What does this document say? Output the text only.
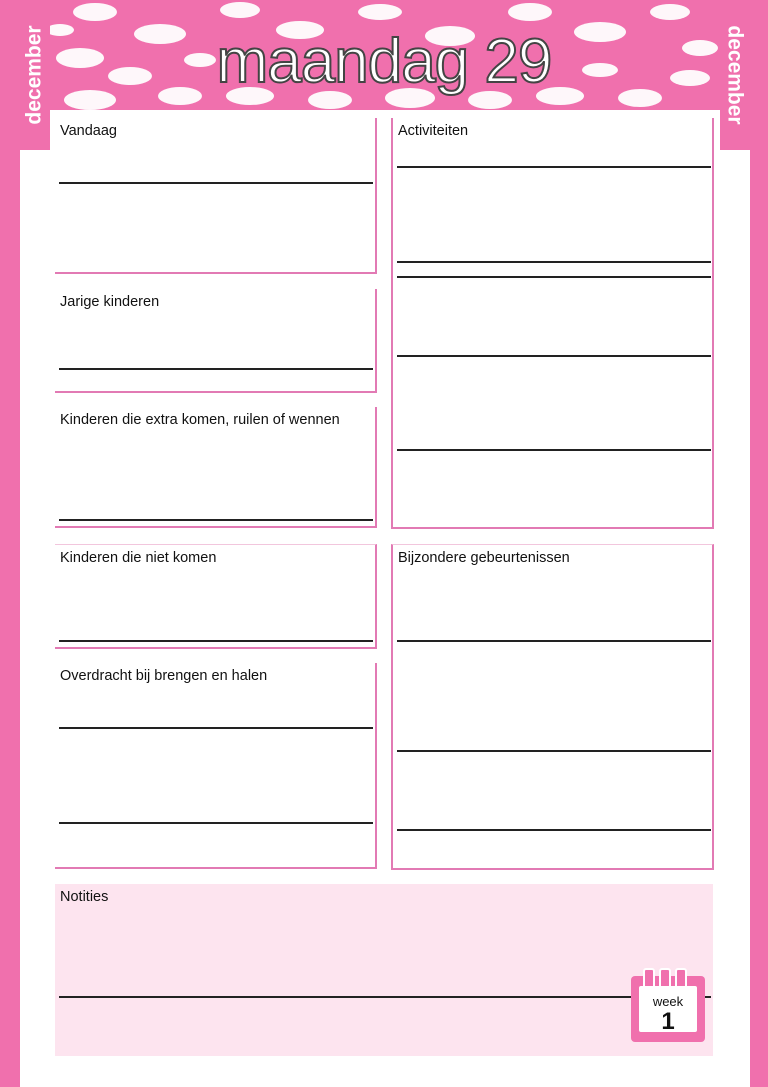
december	december
maandag 29
Vandaag
Jarige kinderen
Kinderen die extra komen, ruilen of wennen
Kinderen die niet komen
Overdracht bij brengen en halen
Activiteiten
Bijzondere gebeurtenissen
Notities
week
1
